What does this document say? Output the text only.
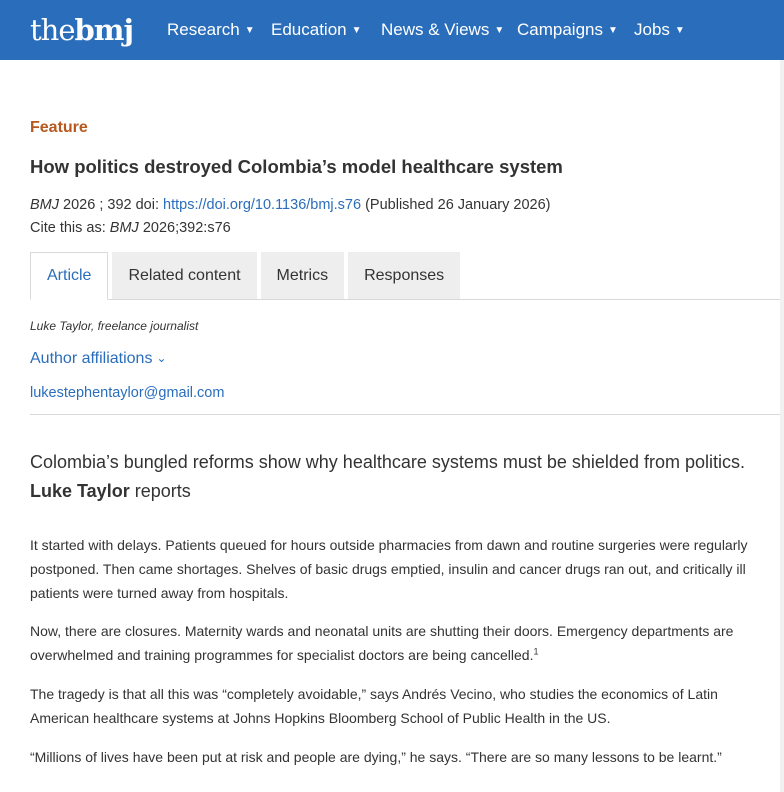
thebmj Research ▼ Education ▼ News & Views ▼ Campaigns ▼ Jobs ▼
Feature
How politics destroyed Colombia’s model healthcare system
BMJ 2026 ; 392 doi: https://doi.org/10.1136/bmj.s76 (Published 26 January 2026)
Cite this as: BMJ 2026;392:s76
Article	Related content	Metrics	Responses
Luke Taylor, freelance journalist
Author affiliations ⌄
lukestephentaylor@gmail.com
Colombia’s bungled reforms show why healthcare systems must be shielded from politics. Luke Taylor reports

It started with delays. Patients queued for hours outside pharmacies from dawn and routine surgeries were regularly postponed. Then came shortages. Shelves of basic drugs emptied, insulin and cancer drugs ran out, and critically ill patients were turned away from hospitals.

Now, there are closures. Maternity wards and neonatal units are shutting their doors. Emergency departments are overwhelmed and training programmes for specialist doctors are being cancelled.$^1$

The tragedy is that all this was “completely avoidable,” says Andrés Vecino, who studies the economics of Latin American healthcare systems at Johns Hopkins Bloomberg School of Public Health in the US.

“Millions of lives have been put at risk and people are dying,” he says. “There are so many lessons to be learnt.”
